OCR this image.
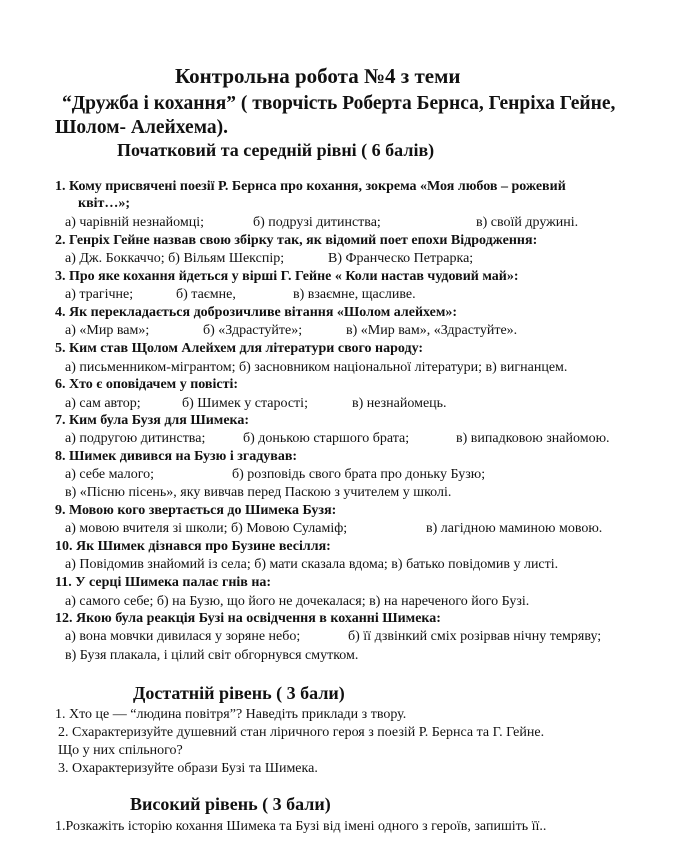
Контрольна робота №4 з теми
“Дружба і кохання” ( творчість Роберта Бернса, Генріха Гейне,
Шолом- Алейхема).
Початковий та середній рівні ( 6 балів)
1. Кому присвячені поезії Р. Бернса про кохання, зокрема «Моя любов – рожевий
квіт…»;
а) чарівній незнайомці;	б) подрузі дитинства;	в) своїй дружині.
2. Генріх Гейне назвав свою збірку так, як відомий поет епохи Відродження:
а) Дж. Боккаччо; б) Вільям Шекспір;	В) Франческо Петрарка;
3. Про яке кохання йдеться у вірші Г. Гейне « Коли настав чудовий май»:
а) трагічне;	б) таємне,	в) взаємне, щасливе.
4. Як перекладається доброзичливе вітання «Шолом алейхем»:
а) «Мир вам»;	б) «Здрастуйте»;	в) «Мир вам», «Здрастуйте».
5. Ким став Щолом Алейхем для літератури свого народу:
а) письменником-мігрантом; б) засновником національної літератури; в) вигнанцем.
6. Хто є оповідачем у повісті:
а) сам автор;	б) Шимек у старості;	в) незнайомець.
7. Ким була Бузя для Шимека:
а) подругою дитинства;	б) донькою старшого брата;	в) випадковою знайомою.
8. Шимек дивився на Бузю і згадував:
а) себе малого;	б) розповідь свого брата про доньку Бузю;
в) «Пісню пісень», яку вивчав перед Паскою з учителем у школі.
9. Мовою кого звертається до Шимека Бузя:
а) мовою вчителя зі школи; б) Мовою Суламіф;	в) лагідною маминою мовою.
10. Як Шимек дізнався про Бузине весілля:
а) Повідомив знайомий із села; б) мати сказала вдома; в) батько повідомив у листі.
11. У серці Шимека палає гнів на:
а) самого себе; б) на Бузю, що його не дочекалася; в) на нареченого його Бузі.
12. Якою була реакція Бузі на освідчення в коханні Шимека:
а) вона мовчки дивилася у зоряне небо;	б) її дзвінкий сміх розірвав нічну темряву;
в) Бузя плакала, і цілий світ обгорнувся смутком.
Достатній рівень ( 3 бали)
1. Хто це — “людина повітря”? Наведіть приклади з твору.
2. Схарактеризуйте душевний стан ліричного героя з поезій Р. Бернса та Г. Гейне.
Що у них спільного?
3. Охарактеризуйте образи Бузі та Шимека.
Високий рівень ( 3 бали)
1.Розкажіть історію кохання Шимека та Бузі від імені одного з героїв, запишіть її..
